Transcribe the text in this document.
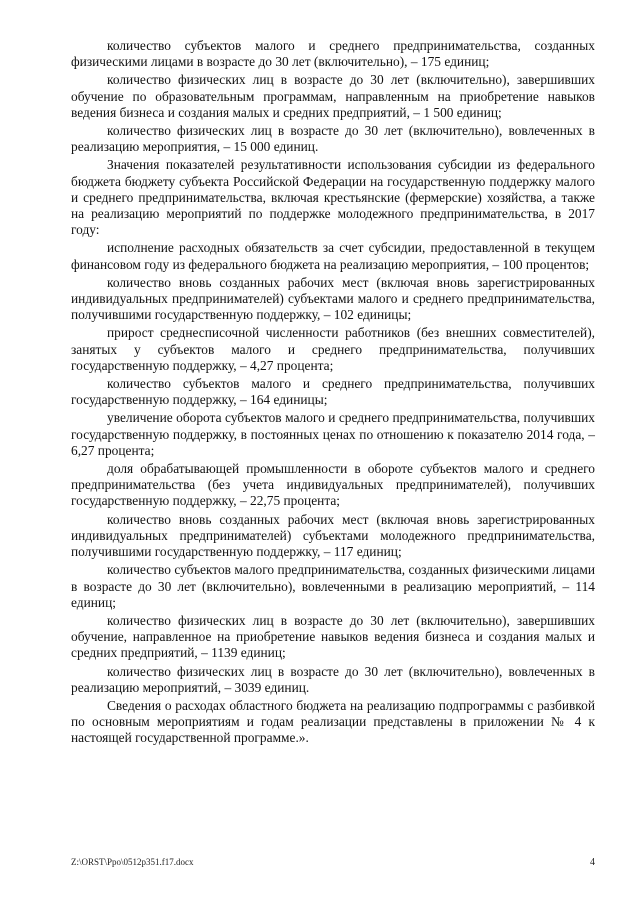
количество субъектов малого и среднего предпринимательства, созданных физическими лицами в возрасте до 30 лет (включительно), – 175 единиц;

количество физических лиц в возрасте до 30 лет (включительно), завершивших обучение по образовательным программам, направленным на приобретение навыков ведения бизнеса и создания малых и средних предприятий, – 1 500 единиц;

количество физических лиц в возрасте до 30 лет (включительно), вовлеченных в реализацию мероприятия, – 15 000 единиц.

Значения показателей результативности использования субсидии из федерального бюджета бюджету субъекта Российской Федерации на государственную поддержку малого и среднего предпринимательства, включая крестьянские (фермерские) хозяйства, а также на реализацию мероприятий по поддержке молодежного предпринимательства, в 2017 году:

исполнение расходных обязательств за счет субсидии, предоставленной в текущем финансовом году из федерального бюджета на реализацию мероприятия, – 100 процентов;

количество вновь созданных рабочих мест (включая вновь зарегистрированных индивидуальных предпринимателей) субъектами малого и среднего предпринимательства, получившими государственную поддержку, – 102 единицы;

прирост среднесписочной численности работников (без внешних совместителей), занятых у субъектов малого и среднего предпринимательства, получивших государственную поддержку, – 4,27 процента;

количество субъектов малого и среднего предпринимательства, получивших государственную поддержку, – 164 единицы;

увеличение оборота субъектов малого и среднего предпринимательства, получивших государственную поддержку, в постоянных ценах по отношению к показателю 2014 года, – 6,27 процента;

доля обрабатывающей промышленности в обороте субъектов малого и среднего предпринимательства (без учета индивидуальных предпринимателей), получивших государственную поддержку, – 22,75 процента;

количество вновь созданных рабочих мест (включая вновь зарегистрированных индивидуальных предпринимателей) субъектами молодежного предпринимательства, получившими государственную поддержку, – 117 единиц;

количество субъектов малого предпринимательства, созданных физическими лицами в возрасте до 30 лет (включительно), вовлеченными в реализацию мероприятий, – 114 единиц;

количество физических лиц в возрасте до 30 лет (включительно), завершивших обучение, направленное на приобретение навыков ведения бизнеса и создания малых и средних предприятий, – 1139 единиц;

количество физических лиц в возрасте до 30 лет (включительно), вовлеченных в реализацию мероприятий, – 3039 единиц.

Сведения о расходах областного бюджета на реализацию подпрограммы с разбивкой по основным мероприятиям и годам реализации представлены в приложении № 4 к настоящей государственной программе.».

Z:\ORST\Ppo\0512p351.f17.docx	4
